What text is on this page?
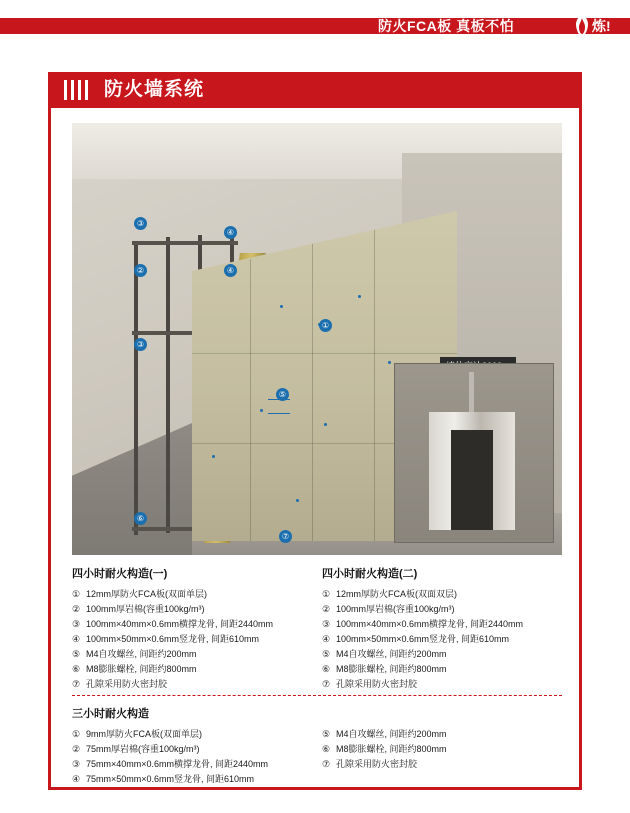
防火FCA板 真板不怕	炼!
③
②
③
④
④
①
⑤
⑥
⑦
四小时耐火构造(一)
① 12mm厚防火FCA板(双面单层)
② 100mm厚岩棉(容重100kg/m³)
③ 100mm×40mm×0.6mm横撑龙骨, 间距2440mm
④ 100mm×50mm×0.6mm竖龙骨, 间距610mm
⑤ M4自攻螺丝, 间距约200mm
⑥ M8膨胀螺栓, 间距约800mm
⑦ 孔隙采用防火密封胶
四小时耐火构造(二)
① 12mm厚防火FCA板(双面双层)
② 100mm厚岩棉(容重100kg/m³)
③ 100mm×40mm×0.6mm横撑龙骨, 间距2440mm
④ 100mm×50mm×0.6mm竖龙骨, 间距610mm
⑤ M4自攻螺丝, 间距约200mm
⑥ M8膨胀螺栓, 间距约800mm
⑦ 孔隙采用防火密封胶
三小时耐火构造
① 9mm厚防火FCA板(双面单层)
② 75mm厚岩棉(容重100kg/m³)
③ 75mm×40mm×0.6mm横撑龙骨, 间距2440mm
④ 75mm×50mm×0.6mm竖龙骨, 间距610mm
⑤ M4自攻螺丝, 间距约200mm
⑥ M8膨胀螺栓, 间距约800mm
⑦ 孔隙采用防火密封胶
防火墙系统
